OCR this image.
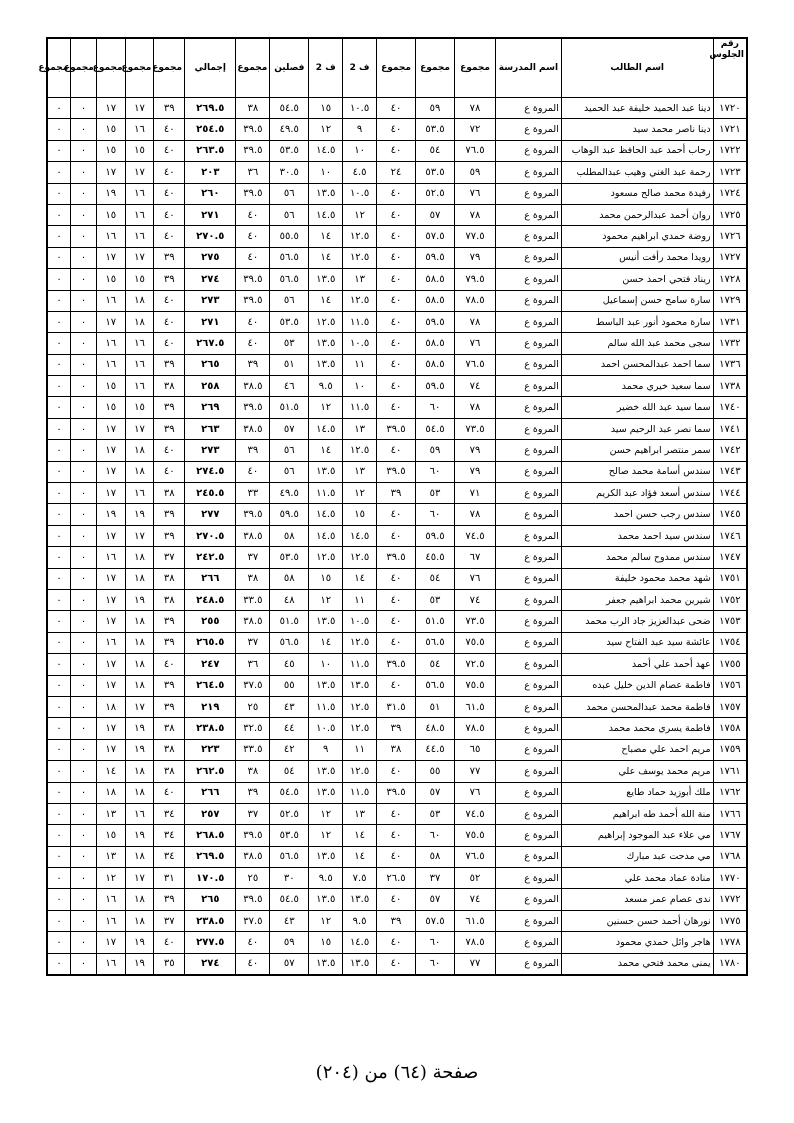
رقم الجلوس	اسم الطالب	اسم المدرسة	مجموع	مجموع	مجموع	ف 2	ف 2	فصلين	مجموع	إجمالي	مجموع	مجموع	مجموع	مجموع	مجموع
١٧٢٠	دينا عبد الحميد خليفة عبد الحميد	المروة ع	٧٨	٥٩	٤٠	١٠.٥	١٥	٥٤.٥	٣٨	٢٦٩.٥	٣٩	١٧	١٧	٠	٠
١٧٢١	دينا ناصر محمد سيد	المروة ع	٧٢	٥٣.٥	٤٠	٩	١٢	٤٩.٥	٣٩.٥	٢٥٤.٥	٤٠	١٦	١٥	٠	٠
١٧٢٢	رحاب أحمد عبد الحافظ عبد الوهاب	المروة ع	٧٦.٥	٥٤	٤٠	١٠	١٤.٥	٥٣.٥	٣٩.٥	٢٦٣.٥	٤٠	١٥	١٥	٠	٠
١٧٢٣	رحمة عبد الغني وهيب عبدالمطلب	المروة ع	٥٩	٥٣.٥	٢٤	٤.٥	١٠	٣٠.٥	٣٦	٢٠٣	٤٠	١٧	١٧	٠	٠
١٧٢٤	رفيدة محمد صالح مسعود	المروة ع	٧٦	٥٢.٥	٤٠	١٠.٥	١٣.٥	٥٦	٣٩.٥	٢٦٠	٤٠	١٦	١٩	٠	٠
١٧٢٥	روان أحمد عبدالرحمن محمد	المروة ع	٧٨	٥٧	٤٠	١٢	١٤.٥	٥٦	٤٠	٢٧١	٤٠	١٦	١٥	٠	٠
١٧٢٦	روضة حمدي ابراهيم محمود	المروة ع	٧٧.٥	٥٧.٥	٤٠	١٢.٥	١٤	٥٥.٥	٤٠	٢٧٠.٥	٤٠	١٦	١٦	٠	٠
١٧٢٧	رويدا محمد رأفت أنيس	المروة ع	٧٩	٥٩.٥	٤٠	١٢.٥	١٤	٥٦.٥	٤٠	٢٧٥	٣٩	١٧	١٧	٠	٠
١٧٢٨	ريناد فتحي احمد حسن	المروة ع	٧٩.٥	٥٨.٥	٤٠	١٣	١٣.٥	٥٦.٥	٣٩.٥	٢٧٤	٣٩	١٥	١٥	٠	٠
١٧٢٩	سارة سامح حسن إسماعيل	المروة ع	٧٨.٥	٥٨.٥	٤٠	١٢.٥	١٤	٥٦	٣٩.٥	٢٧٣	٤٠	١٨	١٦	٠	٠
١٧٣١	سارة محمود أنور عبد الباسط	المروة ع	٧٨	٥٩.٥	٤٠	١١.٥	١٢.٥	٥٣.٥	٤٠	٢٧١	٤٠	١٨	١٧	٠	٠
١٧٣٢	سجى محمد عبد الله سالم	المروة ع	٧٦	٥٨.٥	٤٠	١٠.٥	١٣.٥	٥٣	٤٠	٢٦٧.٥	٤٠	١٦	١٦	٠	٠
١٧٣٦	سما احمد عبدالمحسن احمد	المروة ع	٧٦.٥	٥٨.٥	٤٠	١١	١٣.٥	٥١	٣٩	٢٦٥	٣٩	١٦	١٦	٠	٠
١٧٣٨	سما سعيد خيري محمد	المروة ع	٧٤	٥٩.٥	٤٠	١٠	٩.٥	٤٦	٣٨.٥	٢٥٨	٣٨	١٦	١٥	٠	٠
١٧٤٠	سما سيد عبد الله خضير	المروة ع	٧٨	٦٠	٤٠	١١.٥	١٢	٥١.٥	٣٩.٥	٢٦٩	٣٩	١٥	١٥	٠	٠
١٧٤١	سما نصر عبد الرحيم سيد	المروة ع	٧٣.٥	٥٤.٥	٣٩.٥	١٣	١٤.٥	٥٧	٣٨.٥	٢٦٣	٣٩	١٧	١٧	٠	٠
١٧٤٢	سمر منتصر ابراهيم حسن	المروة ع	٧٩	٥٩	٤٠	١٢.٥	١٤	٥٦	٣٩	٢٧٣	٤٠	١٨	١٧	٠	٠
١٧٤٣	سندس أسامة محمد صالح	المروة ع	٧٩	٦٠	٣٩.٥	١٣	١٣.٥	٥٦	٤٠	٢٧٤.٥	٤٠	١٨	١٧	٠	٠
١٧٤٤	سندس أسعد فؤاد عبد الكريم	المروة ع	٧١	٥٣	٣٩	١٢	١١.٥	٤٩.٥	٣٣	٢٤٥.٥	٣٨	١٦	١٧	٠	٠
١٧٤٥	سندس رجب حسن احمد	المروة ع	٧٨	٦٠	٤٠	١٥	١٤.٥	٥٩.٥	٣٩.٥	٢٧٧	٣٩	١٩	١٩	٠	٠
١٧٤٦	سندس سيد احمد محمد	المروة ع	٧٤.٥	٥٩.٥	٤٠	١٤.٥	١٤.٥	٥٨	٣٨.٥	٢٧٠.٥	٣٩	١٧	١٧	٠	٠
١٧٤٧	سندس ممدوح سالم محمد	المروة ع	٦٧	٤٥.٥	٣٩.٥	١٢.٥	١٢.٥	٥٣.٥	٣٧	٢٤٢.٥	٣٧	١٨	١٦	٠	٠
١٧٥١	شهد محمد محمود خليفة	المروة ع	٧٦	٥٤	٤٠	١٤	١٥	٥٨	٣٨	٢٦٦	٣٨	١٨	١٧	٠	٠
١٧٥٢	شيرين محمد ابراهيم جعفر	المروة ع	٧٤	٥٣	٤٠	١١	١٢	٤٨	٣٣.٥	٢٤٨.٥	٣٨	١٩	١٧	٠	٠
١٧٥٣	ضحى عبدالعزيز جاد الرب محمد	المروة ع	٧٣.٥	٥١.٥	٤٠	١٠.٥	١٣.٥	٥١.٥	٣٨.٥	٢٥٥	٣٩	١٨	١٧	٠	٠
١٧٥٤	عائشة سيد عبد الفتاح سيد	المروة ع	٧٥.٥	٥٦.٥	٤٠	١٢.٥	١٤	٥٦.٥	٣٧	٢٦٥.٥	٣٩	١٨	١٦	٠	٠
١٧٥٥	عهد أحمد علي أحمد	المروة ع	٧٢.٥	٥٤	٣٩.٥	١١.٥	١٠	٤٥	٣٦	٢٤٧	٤٠	١٨	١٧	٠	٠
١٧٥٦	فاطمة عصام الدين خليل عبده	المروة ع	٧٥.٥	٥٦.٥	٤٠	١٣.٥	١٣.٥	٥٥	٣٧.٥	٢٦٤.٥	٣٩	١٨	١٧	٠	٠
١٧٥٧	فاطمة محمد عبدالمحسن محمد	المروة ع	٦١.٥	٥١	٣١.٥	١٢.٥	١١.٥	٤٣	٢٥	٢١٩	٣٩	١٧	١٨	٠	٠
١٧٥٨	فاطمة يسري محمد محمد	المروة ع	٧٨.٥	٤٨.٥	٣٩	١٢.٥	١٠.٥	٤٤	٣٢.٥	٢٣٨.٥	٣٨	١٩	١٧	٠	٠
١٧٥٩	مريم احمد علي مصباح	المروة ع	٦٥	٤٤.٥	٣٨	١١	٩	٤٢	٣٣.٥	٢٢٣	٣٨	١٩	١٧	٠	٠
١٧٦١	مريم محمد يوسف علي	المروة ع	٧٧	٥٥	٤٠	١٢.٥	١٣.٥	٥٤	٣٨	٢٦٢.٥	٣٨	١٨	١٤	٠	٠
١٧٦٢	ملك أبوزيد حماد طايع	المروة ع	٧٦	٥٧	٣٩.٥	١١.٥	١٣.٥	٥٤.٥	٣٩	٢٦٦	٤٠	١٨	١٨	٠	٠
١٧٦٦	منة الله أحمد طه ابراهيم	المروة ع	٧٤.٥	٥٣	٤٠	١٣	١٢	٥٢.٥	٣٧	٢٥٧	٣٤	١٦	١٣	٠	٠
١٧٦٧	مي علاء عبد الموجود إبراهيم	المروة ع	٧٥.٥	٦٠	٤٠	١٤	١٢	٥٣.٥	٣٩.٥	٢٦٨.٥	٣٤	١٩	١٥	٠	٠
١٧٦٨	مي مدحت عبد مبارك	المروة ع	٧٦.٥	٥٨	٤٠	١٤	١٣.٥	٥٦.٥	٣٨.٥	٢٦٩.٥	٣٤	١٨	١٣	٠	٠
١٧٧٠	منادة عماد محمد علي	المروة ع	٥٢	٣٧	٢٦.٥	٧.٥	٩.٥	٣٠	٢٥	١٧٠.٥	٣١	١٧	١٢	٠	٠
١٧٧٢	ندى عصام عمر مسعد	المروة ع	٧٤	٥٧	٤٠	١٣.٥	١٣.٥	٥٤.٥	٣٩.٥	٢٦٥	٣٩	١٨	١٦	٠	٠
١٧٧٥	نورهان أحمد حسن حسنين	المروة ع	٦١.٥	٥٧.٥	٣٩	٩.٥	١٢	٤٣	٣٧.٥	٢٣٨.٥	٣٧	١٨	١٦	٠	٠
١٧٧٨	هاجر وائل حمدي محمود	المروة ع	٧٨.٥	٦٠	٤٠	١٤.٥	١٥	٥٩	٤٠	٢٧٧.٥	٤٠	١٩	١٧	٠	٠
١٧٨٠	يمنى محمد فتحي محمد	المروة ع	٧٧	٦٠	٤٠	١٣.٥	١٣.٥	٥٧	٤٠	٢٧٤	٣٥	١٩	١٦	٠	٠
صفحة (٦٤) من (٢٠٤)
